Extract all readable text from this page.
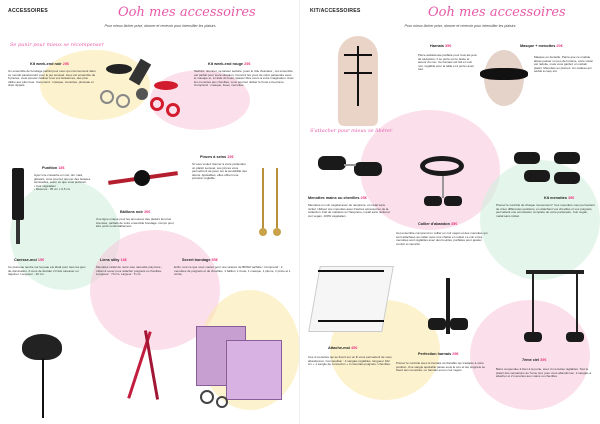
ACCESSOIRES	Ooh mes accessoires
Pour mieux lâcher prise, donner et recevoir pour intensifier les plaisirs
Se punir pour mieux se récompenser
Kit week-end noir 25€
Un ensemble de bondage parfait pour ceux qui commencent dans ce monde passionnant pour le jeu sensuel. Avec cet ensemble de 6 pièces, vous pouvez réaliser tous vos fantasmes, des plus câlins aux plus fous. Comprend : masque, menottes, plumeau et clips nippels.
Kit week-end rouge 25€
Séduire, dominer, se laisser séduire, jouer le rôle d'esclave ; cet ensemble est parfait pour toute situation. Couvrez les yeux de votre partenaire avec le masque et, à l'aide du fouet, laissez libre cours à votre imagination. Avec les menottes aux chevilles, vous pourrez utiliser le fouet et la plume. Comprend : masque, fouet, menottes.
Punition 18€
Ayez une cravache en cuir, dur mais glissant, vous pourrez donner des fessées sensuelles, selon ce que vous préférez.
• Cuir végétalien
• Mesures : 35 cm x 6,5 cm
Bâillons noir 20€
Une ligne unique pour les amoureux des plaisirs les plus intenses, parfaits de votre ensemble bondage. Conçu pour être porté confortablement.
Pinces à seins 15€
Si vous voulez donner à votre partenaire un plaisir sensuel, ces pinces vous permettront de jouer sur la sensibilité des tétons. Ajustables, elles offrent une pression réglable.
Caresse-moi 15€
Ce plumeau tendre sur la peau est idéal pour tous les jeux de domination. A vous de décider s'il doit caresser ou taquiner. Longueur : 46 cm.
Liens silky 18€
Menottes nickel de notre soie naturelle polymère ; ruban à nouer pour attacher poignets et chevilles. Longueur : 70 cm. Largeur : 5 cm.
Secret bondage 55€
Enfin, tout ce que vous voulez pour une séance de BDSM parfaite ! Comprend : 2 menottes de poignets et de chevilles, 1 bâillon, 1 fouet, 1 masque, 1 plume, 1 pince et 1 corde.
KIT/ACCESSOIRES	Ooh mes accessoires
Pour mieux lâcher prise, donner et recevoir pour intensifier les plaisirs
Harnais 35€
Pièce audacieuse parfaite pour tous les jeux de séduction, il se porte sur le buste et autour du cou. Ce harnais est fait en cuir noir, réglable pour la taille et à porter avec tout.
Masque + menottes 20€
Masque en dentelle. Parce que ce modèle laisse passer un peu de lumière, votre vision est réduite, mais vous gardez un certain plaisir. Menottes en plumes. Un cadeau qui séduit à coup sûr.
S'attacher pour mieux se libérer
Menottes mains ou chevilles 25€
Menottes en cuir végétal avec du néoprène, et métal sans nickel. Utilisez ces menottes avec d'autres accessoires de la collection. Fait de matières en Néoprène, métal sans nickel et cuir vegan. 100% végétalien.
Collier d'abandon 35€
Cet ensemble comprend un collier en cuir vegan et des menottes qui sont attachées au collier avec une chaîne en métal. Le cuir et les menottes sont réglables avec des boucles, parfaites pour ajuster confort et sécurité.
Kit menottes 39€
Prenez le contrôle de chaque mouvement ! Ces menottes vous permettent de créer différentes positions, en attachant vos chevilles et vos poignets, permettant une soumission complète de votre partenaire. Cuir vegan, métal sans nickel.
Attache-moi 45€
Ces 4 menottes qui se fixent sur un lit vous permettent de vous abandonner. Composition : 4 sangles réglables, longueur 102 cm + 1 sangle de connexion + 4 menottes poignets / chevilles.
Perfection harnais 25€
Prenez le contrôle avec le harnais confortable qui s'adapte à votre position. Une sangle ajustable passe sous le cou et les poignets se fixent aux menottes. Le harnais est en cuir vegan.
7ème ciel 39€
Barre suspendue à fixer à la porte, avec 4 menottes réglables. Tout le plaisir des sensations au 7ème ciel, pour vous abandonner. 2 sangles à attacher et 2 menottes aux mains ou chevilles.
